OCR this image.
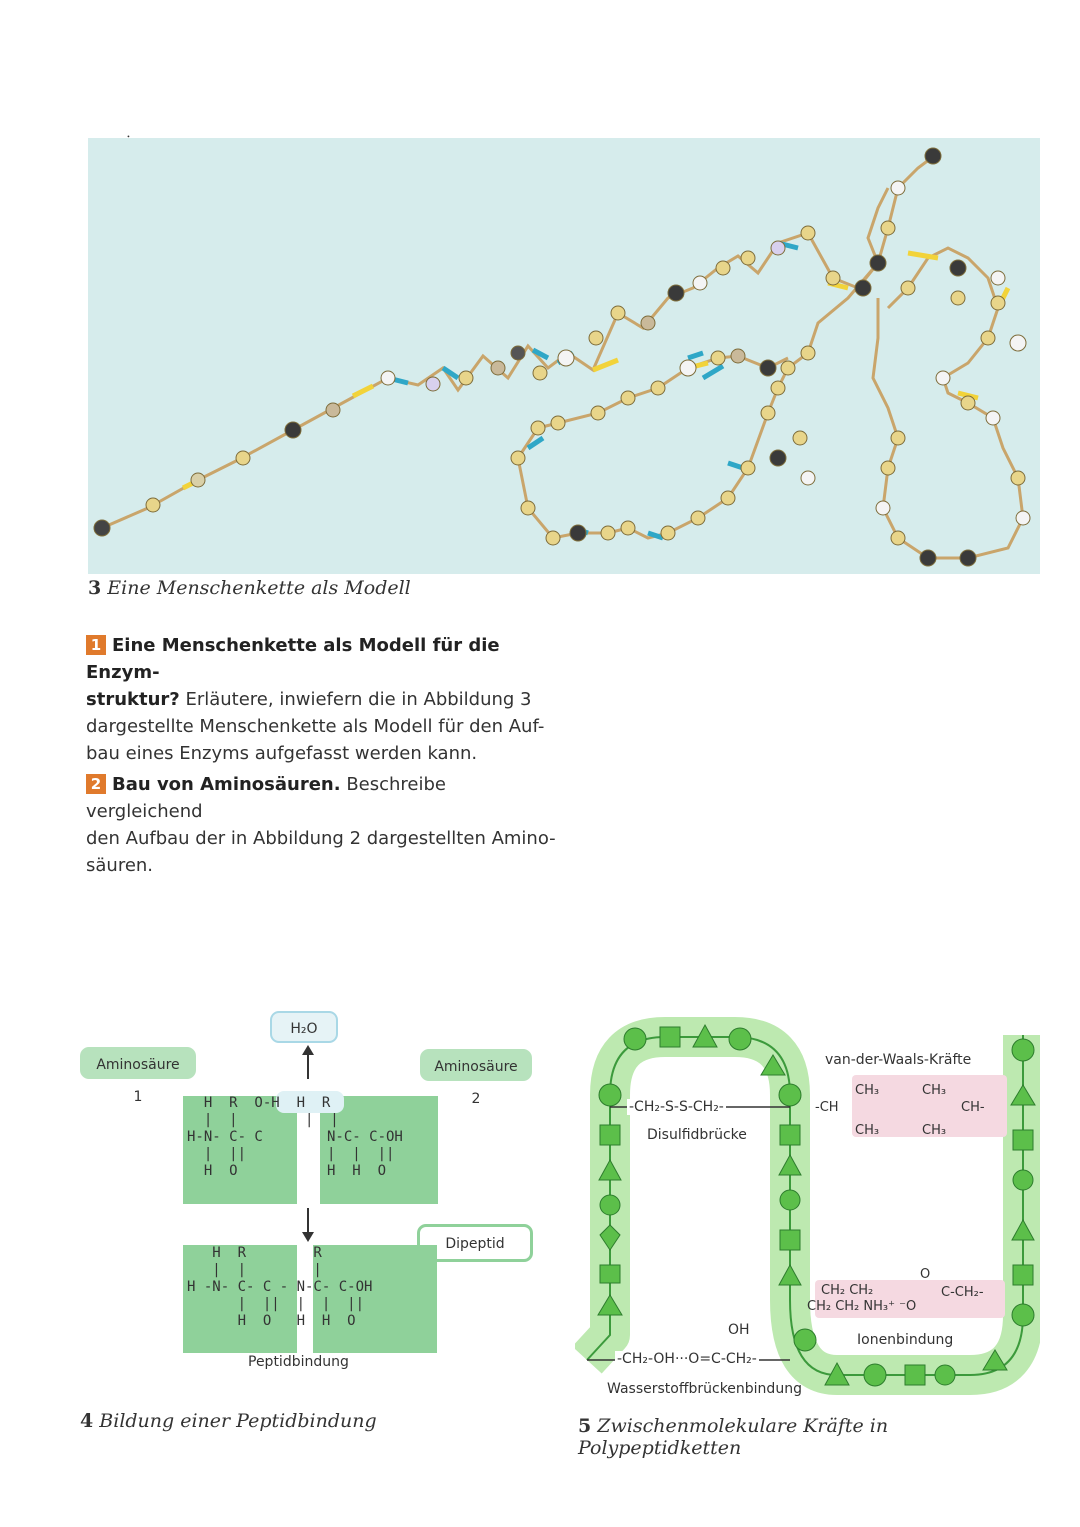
3 Eine Menschenkette als Modell
1 Eine Menschenkette als Modell für die Enzym-
struktur? Erläutere, inwiefern die in Abbildung 3
dargestellte Menschenkette als Modell für den Auf-
bau eines Enzyms aufgefasst werden kann.
2 Bau von Aminosäuren. Beschreibe vergleichend
den Aufbau der in Abbildung 2 dargestellten Amino-
säuren.
H₂O
Aminosäure 1
Aminosäure 2
H  R  O-H  H  R
|  |        |  |
H-N- C- C
|  ||
H  O
N-C- C-OH
|  |  ||
H  H  O
Dipeptid
H  R        R
|  |        |
H -N- C- C - N-C- C-OH
|  ||  |  |  ||
H  O   H  H  O
Peptidbindung
4 Bildung einer Peptidbindung
van-der-Waals-Kräfte
CH₃	CH₃
CH₃	CH₃
-CH	CH-
-CH₂-S-S-CH₂-
Disulfidbrücke
CH₂ CH₂
CH₂ CH₂ NH₃⁺ ⁻O
O
C-CH₂-
Ionenbindung
OH
-CH₂-OH···O=C-CH₂-
Wasserstoffbrückenbindung
5 Zwischenmolekulare Kräfte in Polypeptidketten
